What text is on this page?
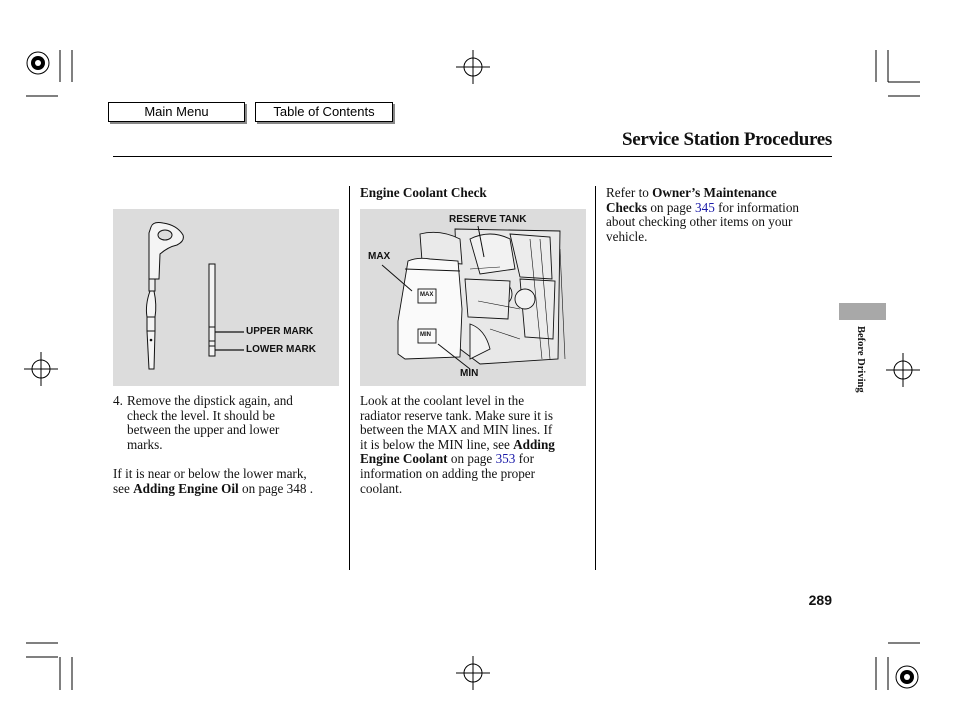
Main Menu	Table of Contents
Service Station Procedures
Before Driving
UPPER MARK
LOWER MARK
4. Remove the dipstick again, and
check the level. It should be
between the upper and lower
marks.
If it is near or below the lower mark,
see Adding Engine Oil on page 348 .
Engine Coolant Check
RESERVE TANK
MAX
MIN
MAX
MIN
Look at the coolant level in the
radiator reserve tank. Make sure it is
between the MAX and MIN lines. If
it is below the MIN line, see Adding
Engine Coolant on page 353 for
information on adding the proper
coolant.
Refer to Owner’s Maintenance
Checks on page 345 for information
about checking other items on your
vehicle.
289
